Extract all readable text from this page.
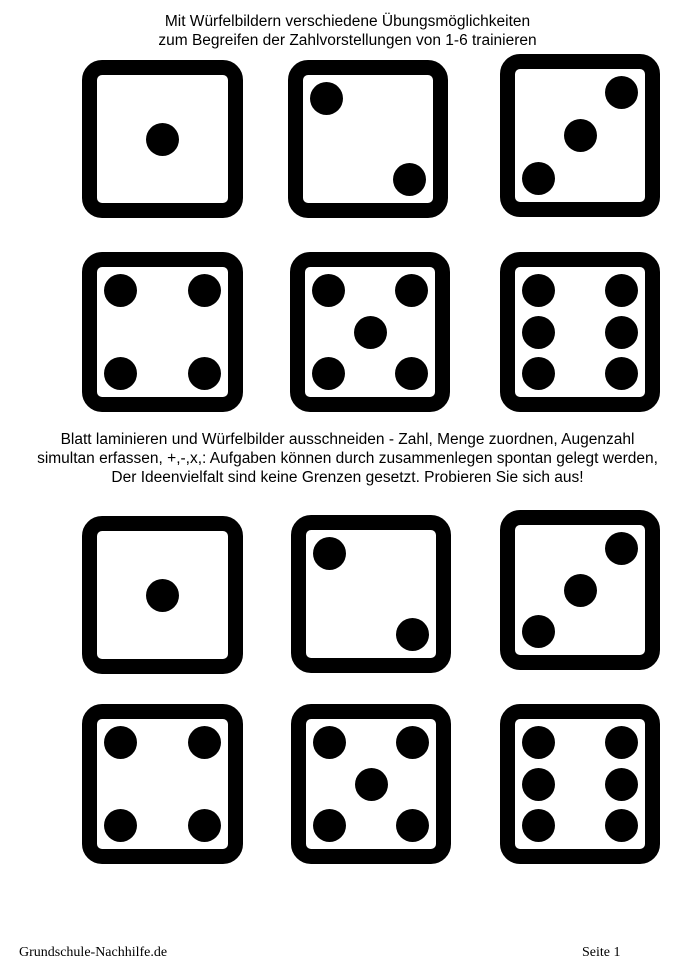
Mit Würfelbildern verschiedene Übungsmöglichkeiten
zum Begreifen der Zahlvorstellungen von 1-6 trainieren
Blatt laminieren und Würfelbilder ausschneiden - Zahl, Menge zuordnen, Augenzahl
simultan erfassen, +,-,x,: Aufgaben können durch zusammenlegen spontan gelegt werden,
Der Ideenvielfalt sind keine Grenzen gesetzt. Probieren Sie sich aus!
Grundschule-Nachhilfe.de	Seite 1
